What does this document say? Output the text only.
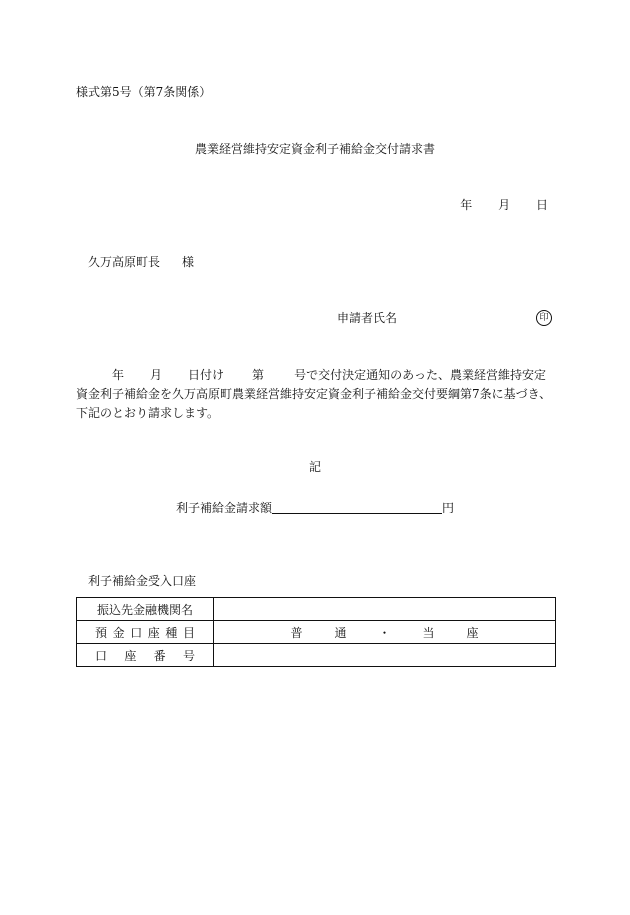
様式第5号（第7条関係）
農業経営維持安定資金利子補給金交付請求書
年 月 日
久万高原町長 様
申請者氏名	印
年 月 日付け 第	号で交付決定通知のあった、農業経営維持安定
資金利子補給金を久万高原町農業経営維持安定資金利子補給金交付要綱第7条に基づき、
下記のとおり請求します。
記
利子補給金請求額	円
利子補給金受入口座
振込先金融機関名	
預金口座種目	普 通 ・ 当 座
口座番号	
